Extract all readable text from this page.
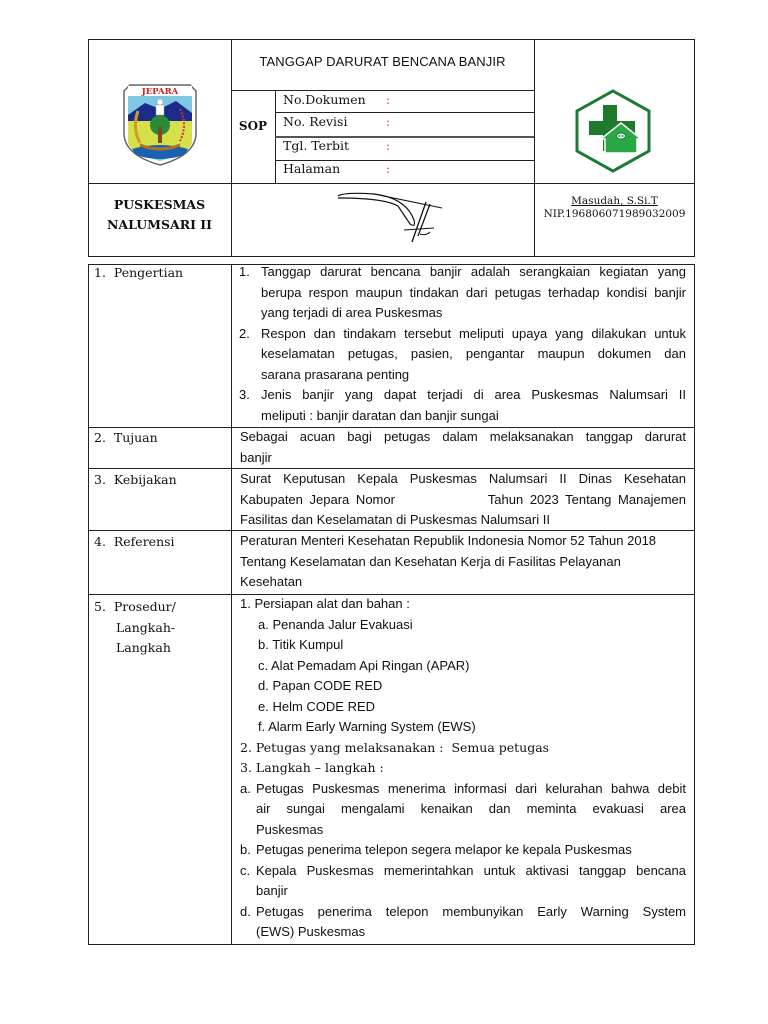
JEPARA
TANGGAP DARURAT BENCANA BANJIR
SOP
No.Dokumen :
No. Revisi	:
Tgl. Terbit	:
Halaman	:
PUSKESMAS
NALUMSARI II
Masudah, S.Si.T
NIP.196806071989032009
1.  Pengertian	1. Tanggap darurat bencana banjir adalah serangkaian kegiatan yang
berupa respon maupun tindakan dari petugas terhadap kondisi banjir
yang terjadi di area Puskesmas
2. Respon dan tindakam tersebut meliputi upaya yang dilakukan untuk
keselamatan petugas, pasien, pengantar maupun dokumen dan
sarana prasarana penting
3. Jenis banjir yang dapat terjadi di area Puskesmas Nalumsari II
meliputi : banjir daratan dan banjir sungai
2.  Tujuan	Sebagai acuan bagi petugas dalam melaksanakan tanggap darurat
banjir
3.  Kebijakan	Surat Keputusan Kepala Puskesmas Nalumsari II Dinas Kesehatan
Kabupaten Jepara Nomor              Tahun 2023 Tentang Manajemen
Fasilitas dan Keselamatan di Puskesmas Nalumsari II
4.  Referensi	Peraturan Menteri Kesehatan Republik Indonesia Nomor 52 Tahun 2018
Tentang Keselamatan dan Kesehatan Kerja di Fasilitas Pelayanan
Kesehatan
5.  Prosedur/
Langkah-
Langkah
1. Persiapan alat dan bahan :
a. Penanda Jalur Evakuasi
b. Titik Kumpul
c. Alat Pemadam Api Ringan (APAR)
d. Papan CODE RED
e. Helm CODE RED
f. Alarm Early Warning System (EWS)
2. Petugas yang melaksanakan :  Semua petugas
3. Langkah – langkah :
a. Petugas Puskesmas menerima informasi dari kelurahan bahwa debit
air sungai mengalami kenaikan dan meminta evakuasi area
Puskesmas
b. Petugas penerima telepon segera melapor ke kepala Puskesmas
c. Kepala Puskesmas memerintahkan untuk aktivasi tanggap bencana
banjir
d. Petugas penerima telepon membunyikan Early Warning System
(EWS) Puskesmas
